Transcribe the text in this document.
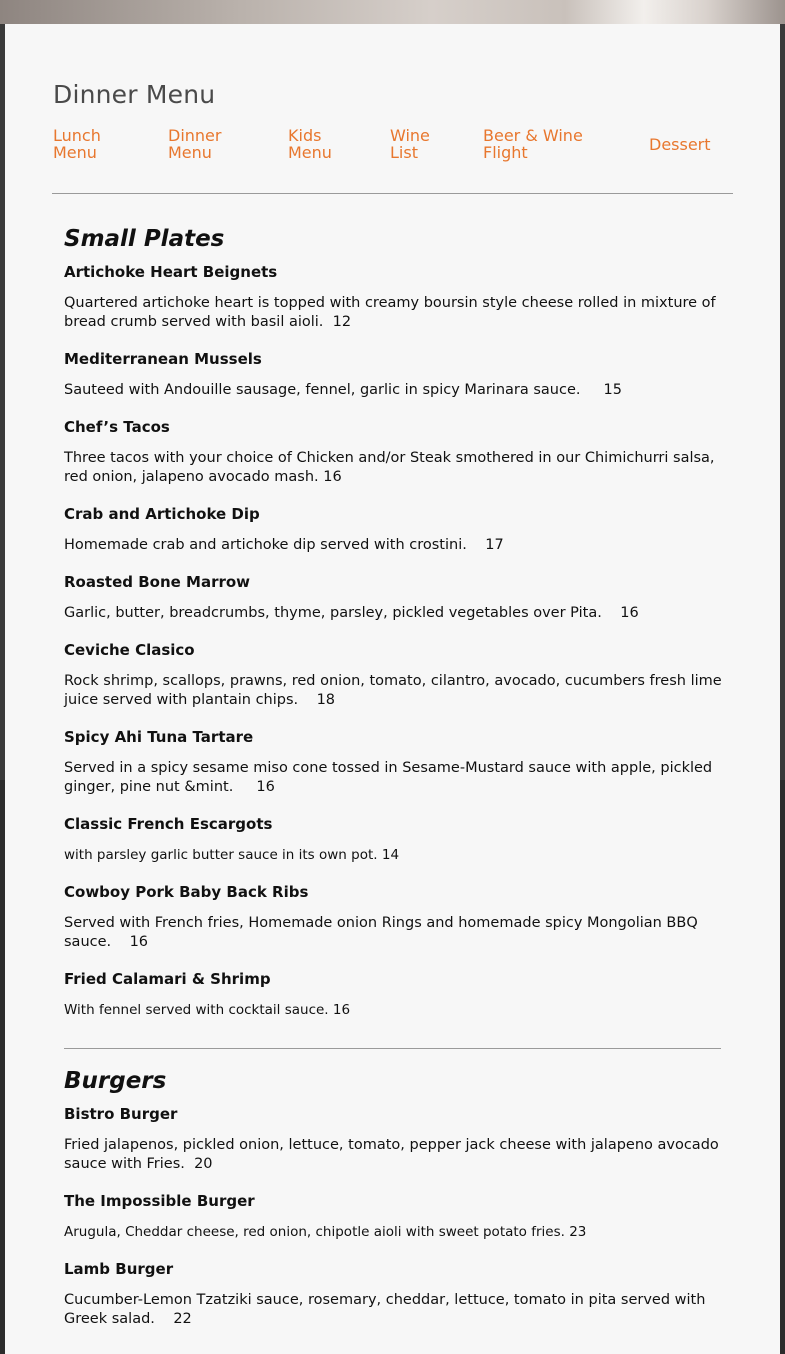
Dinner Menu
Lunch
Menu
Dinner
Menu
Kids
Menu
Wine
List
Beer & Wine
Flight	Dessert
Small Plates
Artichoke Heart Beignets

Quartered artichoke heart is topped with creamy boursin style cheese rolled in mixture of bread crumb served with basil aioli.  12

Mediterranean Mussels

Sauteed with Andouille sausage, fennel, garlic in spicy Marinara sauce.     15

Chef’s Tacos

Three tacos with your choice of Chicken and/or Steak smothered in our Chimichurri salsa, red onion, jalapeno avocado mash. 16

Crab and Artichoke Dip

Homemade crab and artichoke dip served with crostini.    17

Roasted Bone Marrow

Garlic, butter, breadcrumbs, thyme, parsley, pickled vegetables over Pita.    16

Ceviche Clasico

Rock shrimp, scallops, prawns, red onion, tomato, cilantro, avocado, cucumbers fresh lime juice served with plantain chips.    18

Spicy Ahi Tuna Tartare

Served in a spicy sesame miso cone tossed in Sesame-Mustard sauce with apple, pickled ginger, pine nut &mint.     16

Classic French Escargots

with parsley garlic butter sauce in its own pot. 14

Cowboy Pork Baby Back Ribs

Served with French fries, Homemade onion Rings and homemade spicy Mongolian BBQ sauce.    16

Fried Calamari & Shrimp

With fennel served with cocktail sauce. 16

Burgers
Bistro Burger

Fried jalapenos, pickled onion, lettuce, tomato, pepper jack cheese with jalapeno avocado sauce with Fries.  20

The Impossible Burger

Arugula, Cheddar cheese, red onion, chipotle aioli with sweet potato fries. 23

Lamb Burger

Cucumber-Lemon Tzatziki sauce, rosemary, cheddar, lettuce, tomato in pita served with Greek salad.    22
